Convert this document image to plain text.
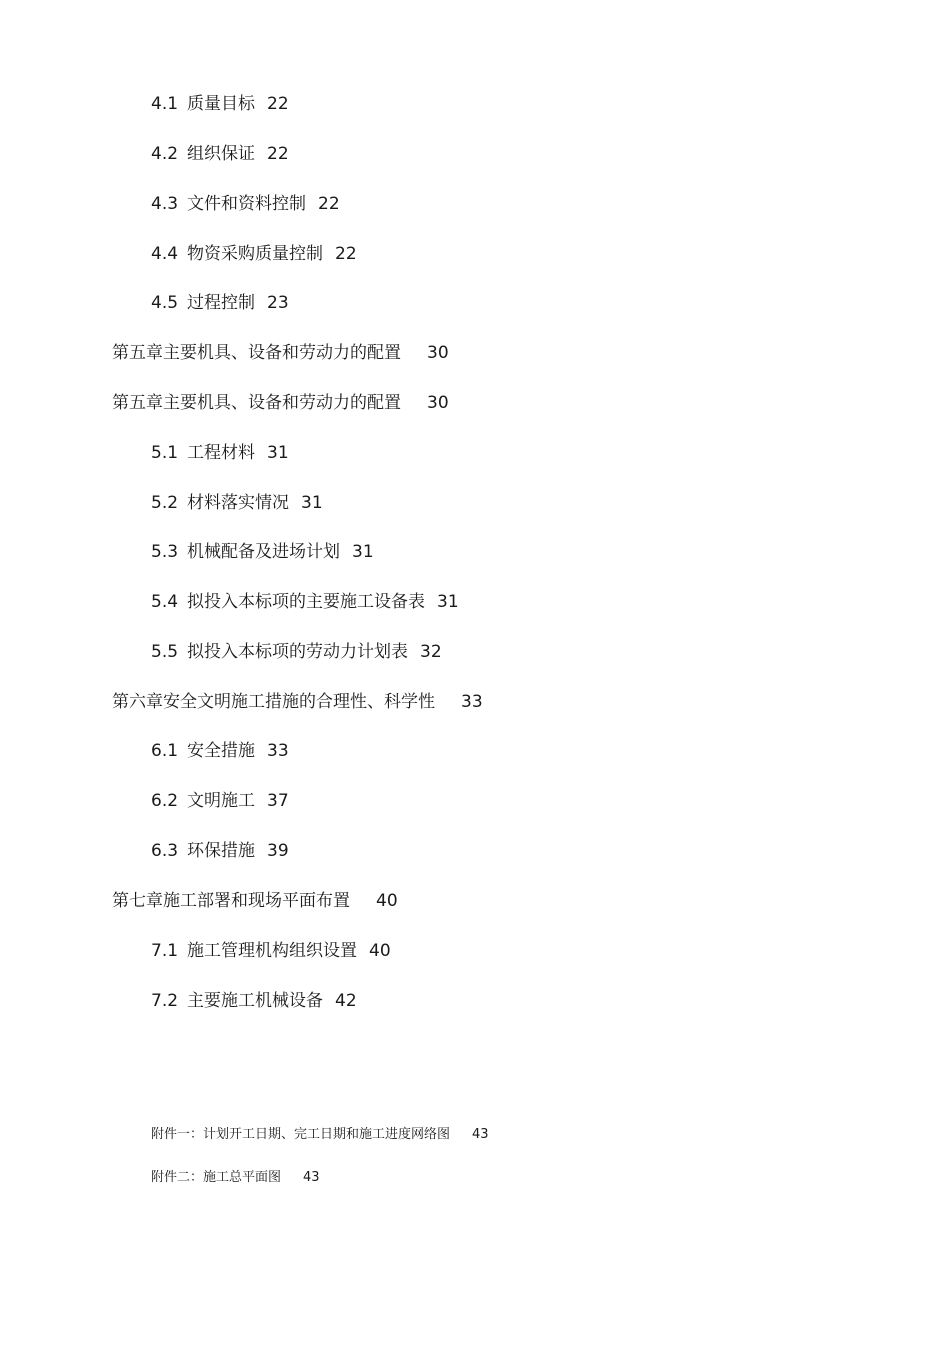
4.1 质量目标 22
4.2 组织保证 22
4.3 文件和资料控制 22
4.4 物资采购质量控制 22
4.5 过程控制 23
第五章主要机具、设备和劳动力的配置 30
第五章主要机具、设备和劳动力的配置 30
5.1 工程材料 31
5.2 材料落实情况 31
5.3 机械配备及进场计划 31
5.4 拟投入本标项的主要施工设备表 31
5.5 拟投入本标项的劳动力计划表 32
第六章安全文明施工措施的合理性、科学性 33
6.1 安全措施 33
6.2 文明施工 37
6.3 环保措施 39
第七章施工部署和现场平面布置 40
7.1 施工管理机构组织设置 40
7.2 主要施工机械设备 42
附件一：计划开工日期、完工日期和施工进度网络图 43
附件二：施工总平面图 43
